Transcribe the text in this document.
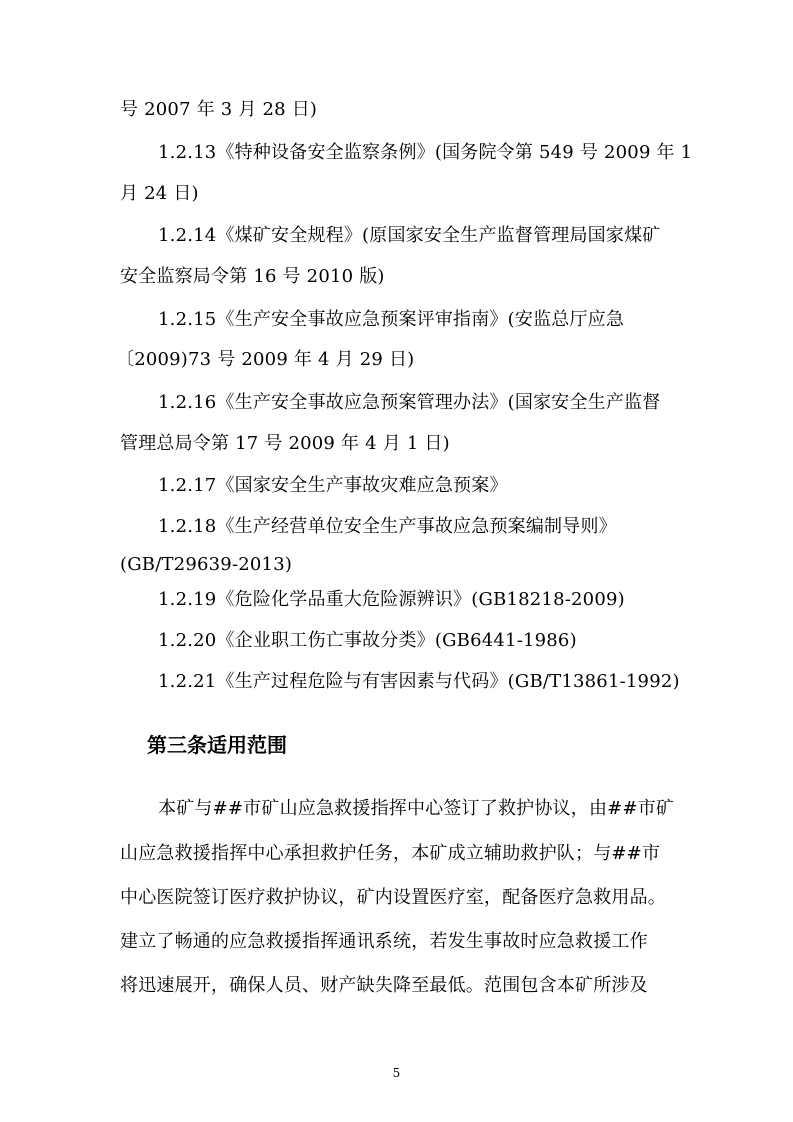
号 2007 年 3 月 28 日)
1.2.13《特种设备安全监察条例》(国务院令第 549 号 2009 年 1
月 24 日)
1.2.14《煤矿安全规程》(原国家安全生产监督管理局国家煤矿
安全监察局令第 16 号 2010 版)
1.2.15《生产安全事故应急预案评审指南》(安监总厅应急
〔2009)73 号 2009 年 4 月 29 日)
1.2.16《生产安全事故应急预案管理办法》(国家安全生产监督
管理总局令第 17 号 2009 年 4 月 1 日)
1.2.17《国家安全生产事故灾难应急预案》
1.2.18《生产经营单位安全生产事故应急预案编制导则》
(GB/T29639-2013)
1.2.19《危险化学品重大危险源辨识》(GB18218-2009)
1.2.20《企业职工伤亡事故分类》(GB6441-1986)
1.2.21《生产过程危险与有害因素与代码》(GB/T13861-1992)
第三条适用范围
本矿与##市矿山应急救援指挥中心签订了救护协议，由##市矿
山应急救援指挥中心承担救护任务，本矿成立辅助救护队；与##市
中心医院签订医疗救护协议，矿内设置医疗室，配备医疗急救用品。
建立了畅通的应急救援指挥通讯系统，若发生事故时应急救援工作
将迅速展开，确保人员、财产缺失降至最低。范围包含本矿所涉及
5
